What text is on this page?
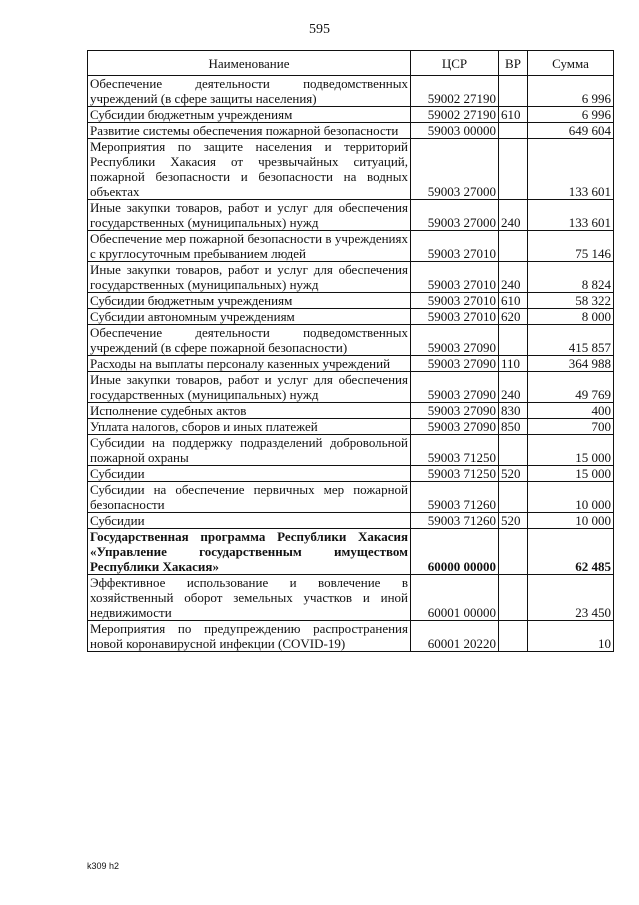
595
Наименование	ЦСР	ВР	Сумма
Обеспечение деятельности подведомственных учреждений (в сфере защиты населения)	59002 27190		6 996
Субсидии бюджетным учреждениям	59002 27190	610	6 996
Развитие системы обеспечения пожарной безопасности	59003 00000		649 604
Мероприятия по защите населения и территорий Республики Хакасия от чрезвычайных ситуаций, пожарной безопасности и безопасности на водных объектах	59003 27000		133 601
Иные закупки товаров, работ и услуг для обеспечения государственных (муниципальных) нужд	59003 27000	240	133 601
Обеспечение мер пожарной безопасности в учреждениях с круглосуточным пребыванием людей	59003 27010		75 146
Иные закупки товаров, работ и услуг для обеспечения государственных (муниципальных) нужд	59003 27010	240	8 824
Субсидии бюджетным учреждениям	59003 27010	610	58 322
Субсидии автономным учреждениям	59003 27010	620	8 000
Обеспечение деятельности подведомственных учреждений (в сфере пожарной безопасности)	59003 27090		415 857
Расходы на выплаты персоналу казенных учреждений	59003 27090	110	364 988
Иные закупки товаров, работ и услуг для обеспечения государственных (муниципальных) нужд	59003 27090	240	49 769
Исполнение судебных актов	59003 27090	830	400
Уплата налогов, сборов и иных платежей	59003 27090	850	700
Субсидии на поддержку подразделений добровольной пожарной охраны	59003 71250		15 000
Субсидии	59003 71250	520	15 000
Субсидии на обеспечение первичных мер пожарной безопасности	59003 71260		10 000
Субсидии	59003 71260	520	10 000
Государственная программа Республики Хакасия «Управление государственным имуществом Республики Хакасия»	60000 00000		62 485
Эффективное использование и вовлечение в хозяйственный оборот земельных участков и иной недвижимости	60001 00000		23 450
Мероприятия по предупреждению распространения новой коронавирусной инфекции (COVID-19)	60001 20220		10
k309 h2
